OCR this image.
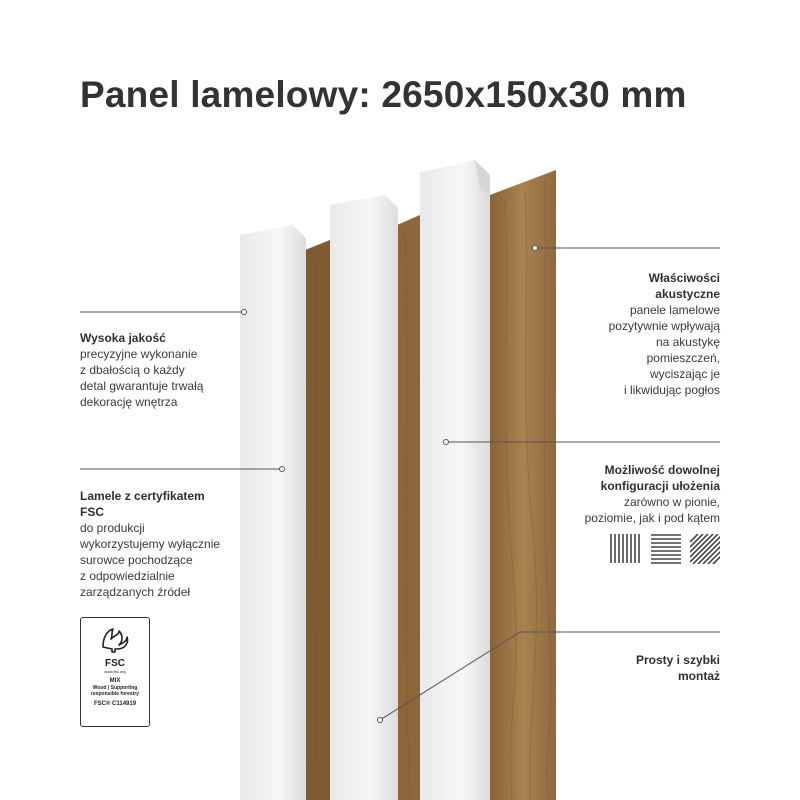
Panel lamelowy: 2650x150x30 mm
Wysoka jakość
precyzyjne wykonanie
z dbałością o każdy
detal gwarantuje trwałą
dekorację wnętrza
Lamele z certyfikatem
FSC
do produkcji
wykorzystujemy wyłącznie
surowce pochodzące
z odpowiedzialnie
zarządzanych źródeł
FSC
www.fsc.org
MIX
Wood | Supporting
responsible forestry
FSC® C114919
Właściwości
akustyczne
panele lamelowe
pozytywnie wpływają
na akustykę
pomieszczeń,
wyciszając je
i likwidując pogłos
Możliwość dowolnej
konfiguracji ułożenia
zarówno w pionie,
poziomie, jak i pod kątem
Prosty i szybki
montaż
